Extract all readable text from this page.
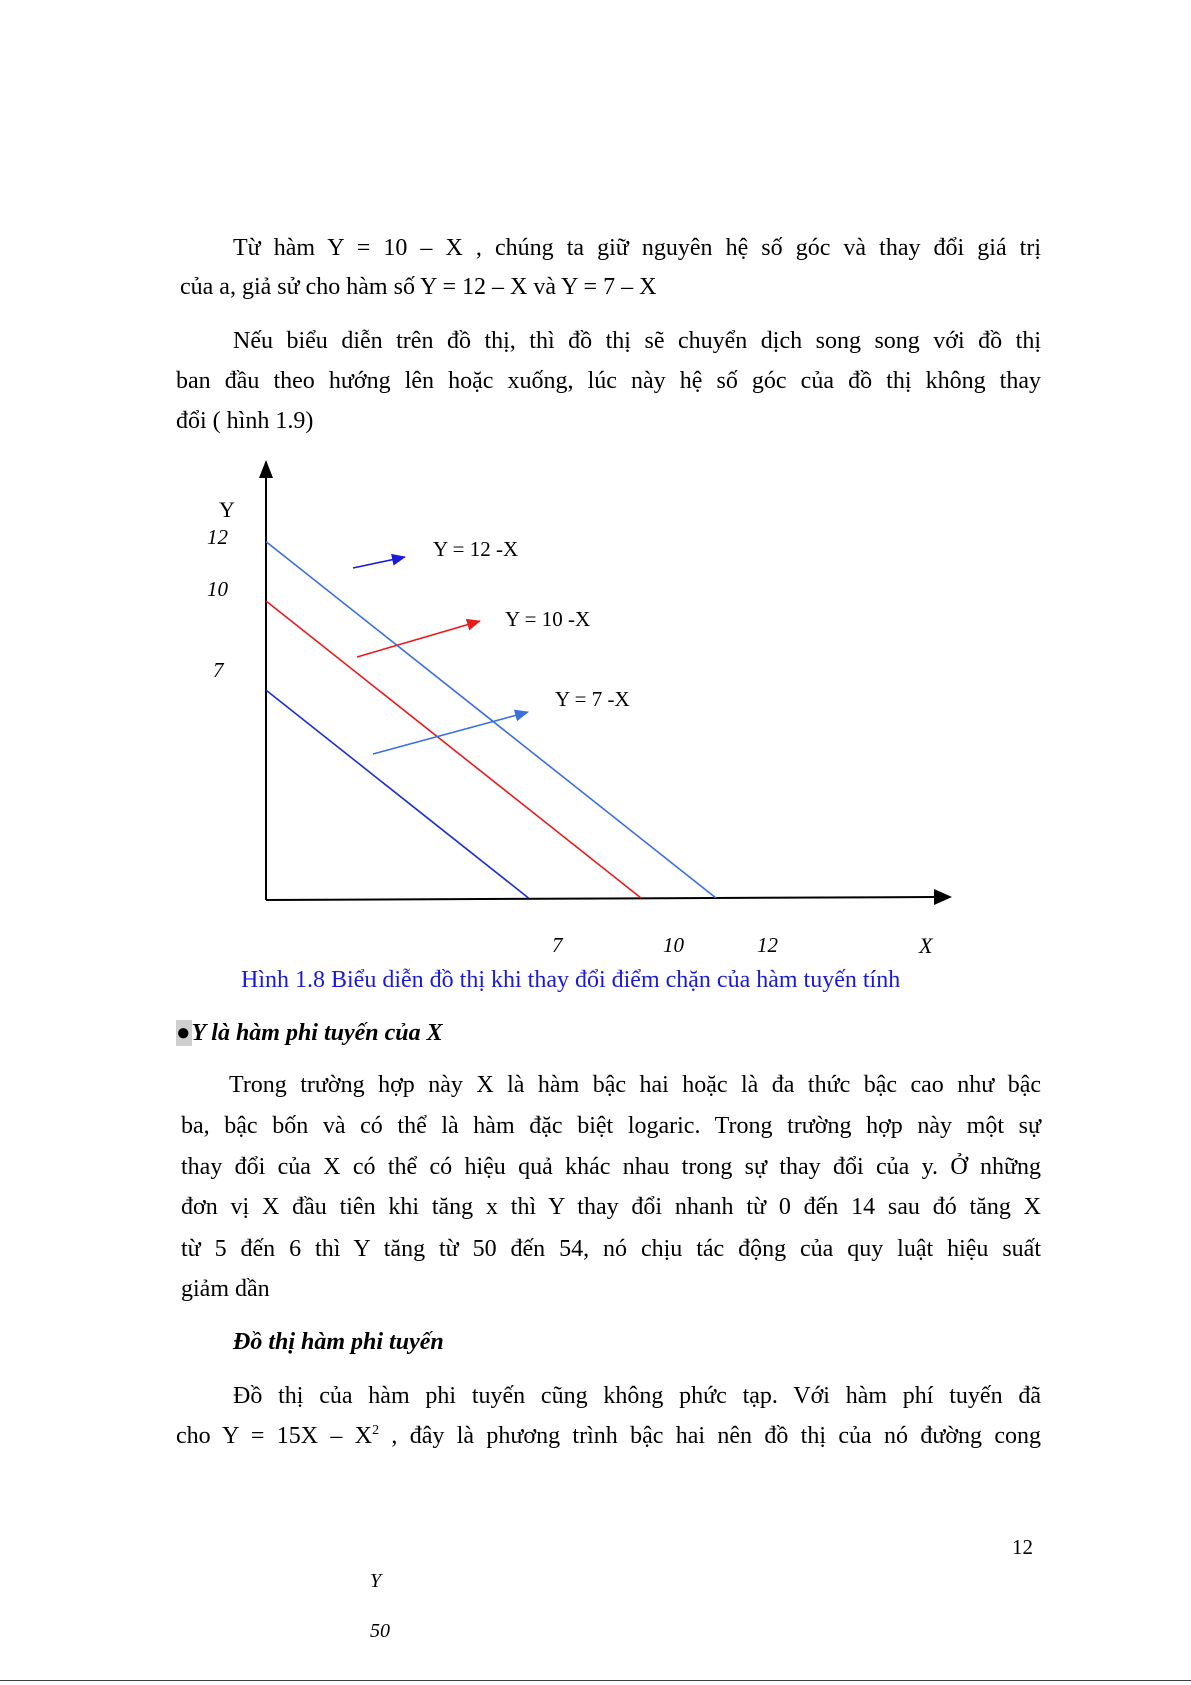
Từ hàm Y = 10 – X , chúng ta giữ nguyên hệ số góc và thay đổi giá trị
của a, giả sử cho hàm số Y = 12 – X và Y = 7 – X
Nếu biểu diễn trên đồ thị, thì đồ thị sẽ chuyển dịch song song với đồ thị
ban đầu theo hướng lên hoặc xuống, lúc này hệ số góc của đồ thị không thay
đổi ( hình 1.9)
Y
X
12
10
7
7	10	12
Y = 12 -X
Y = 10 -X
Y = 7 -X
Hình 1.8 Biểu diễn đồ thị khi thay đổi điểm chặn của hàm tuyến tính
●Y là hàm phi tuyến của X
Trong trường hợp này X là hàm bậc hai hoặc là đa thức bậc cao như bậc
ba, bậc bốn và có thể là hàm đặc biệt logaric. Trong trường hợp này một sự
thay đổi của X có thể có hiệu quả khác nhau trong sự thay đổi của y. Ở những
đơn vị X đầu tiên khi tăng x thì Y thay đổi nhanh từ 0 đến 14 sau đó tăng X
từ 5 đến 6 thì Y tăng từ 50 đến 54, nó chịu tác động của quy luật hiệu suất
giảm dần
Đồ thị hàm phi tuyến
Đồ thị của hàm phi tuyến cũng không phức tạp. Với hàm phí tuyến đã
cho $Y = 15X - X^2$ , đây là phương trình bậc hai nên đồ thị của nó đường cong
12
Y
50
